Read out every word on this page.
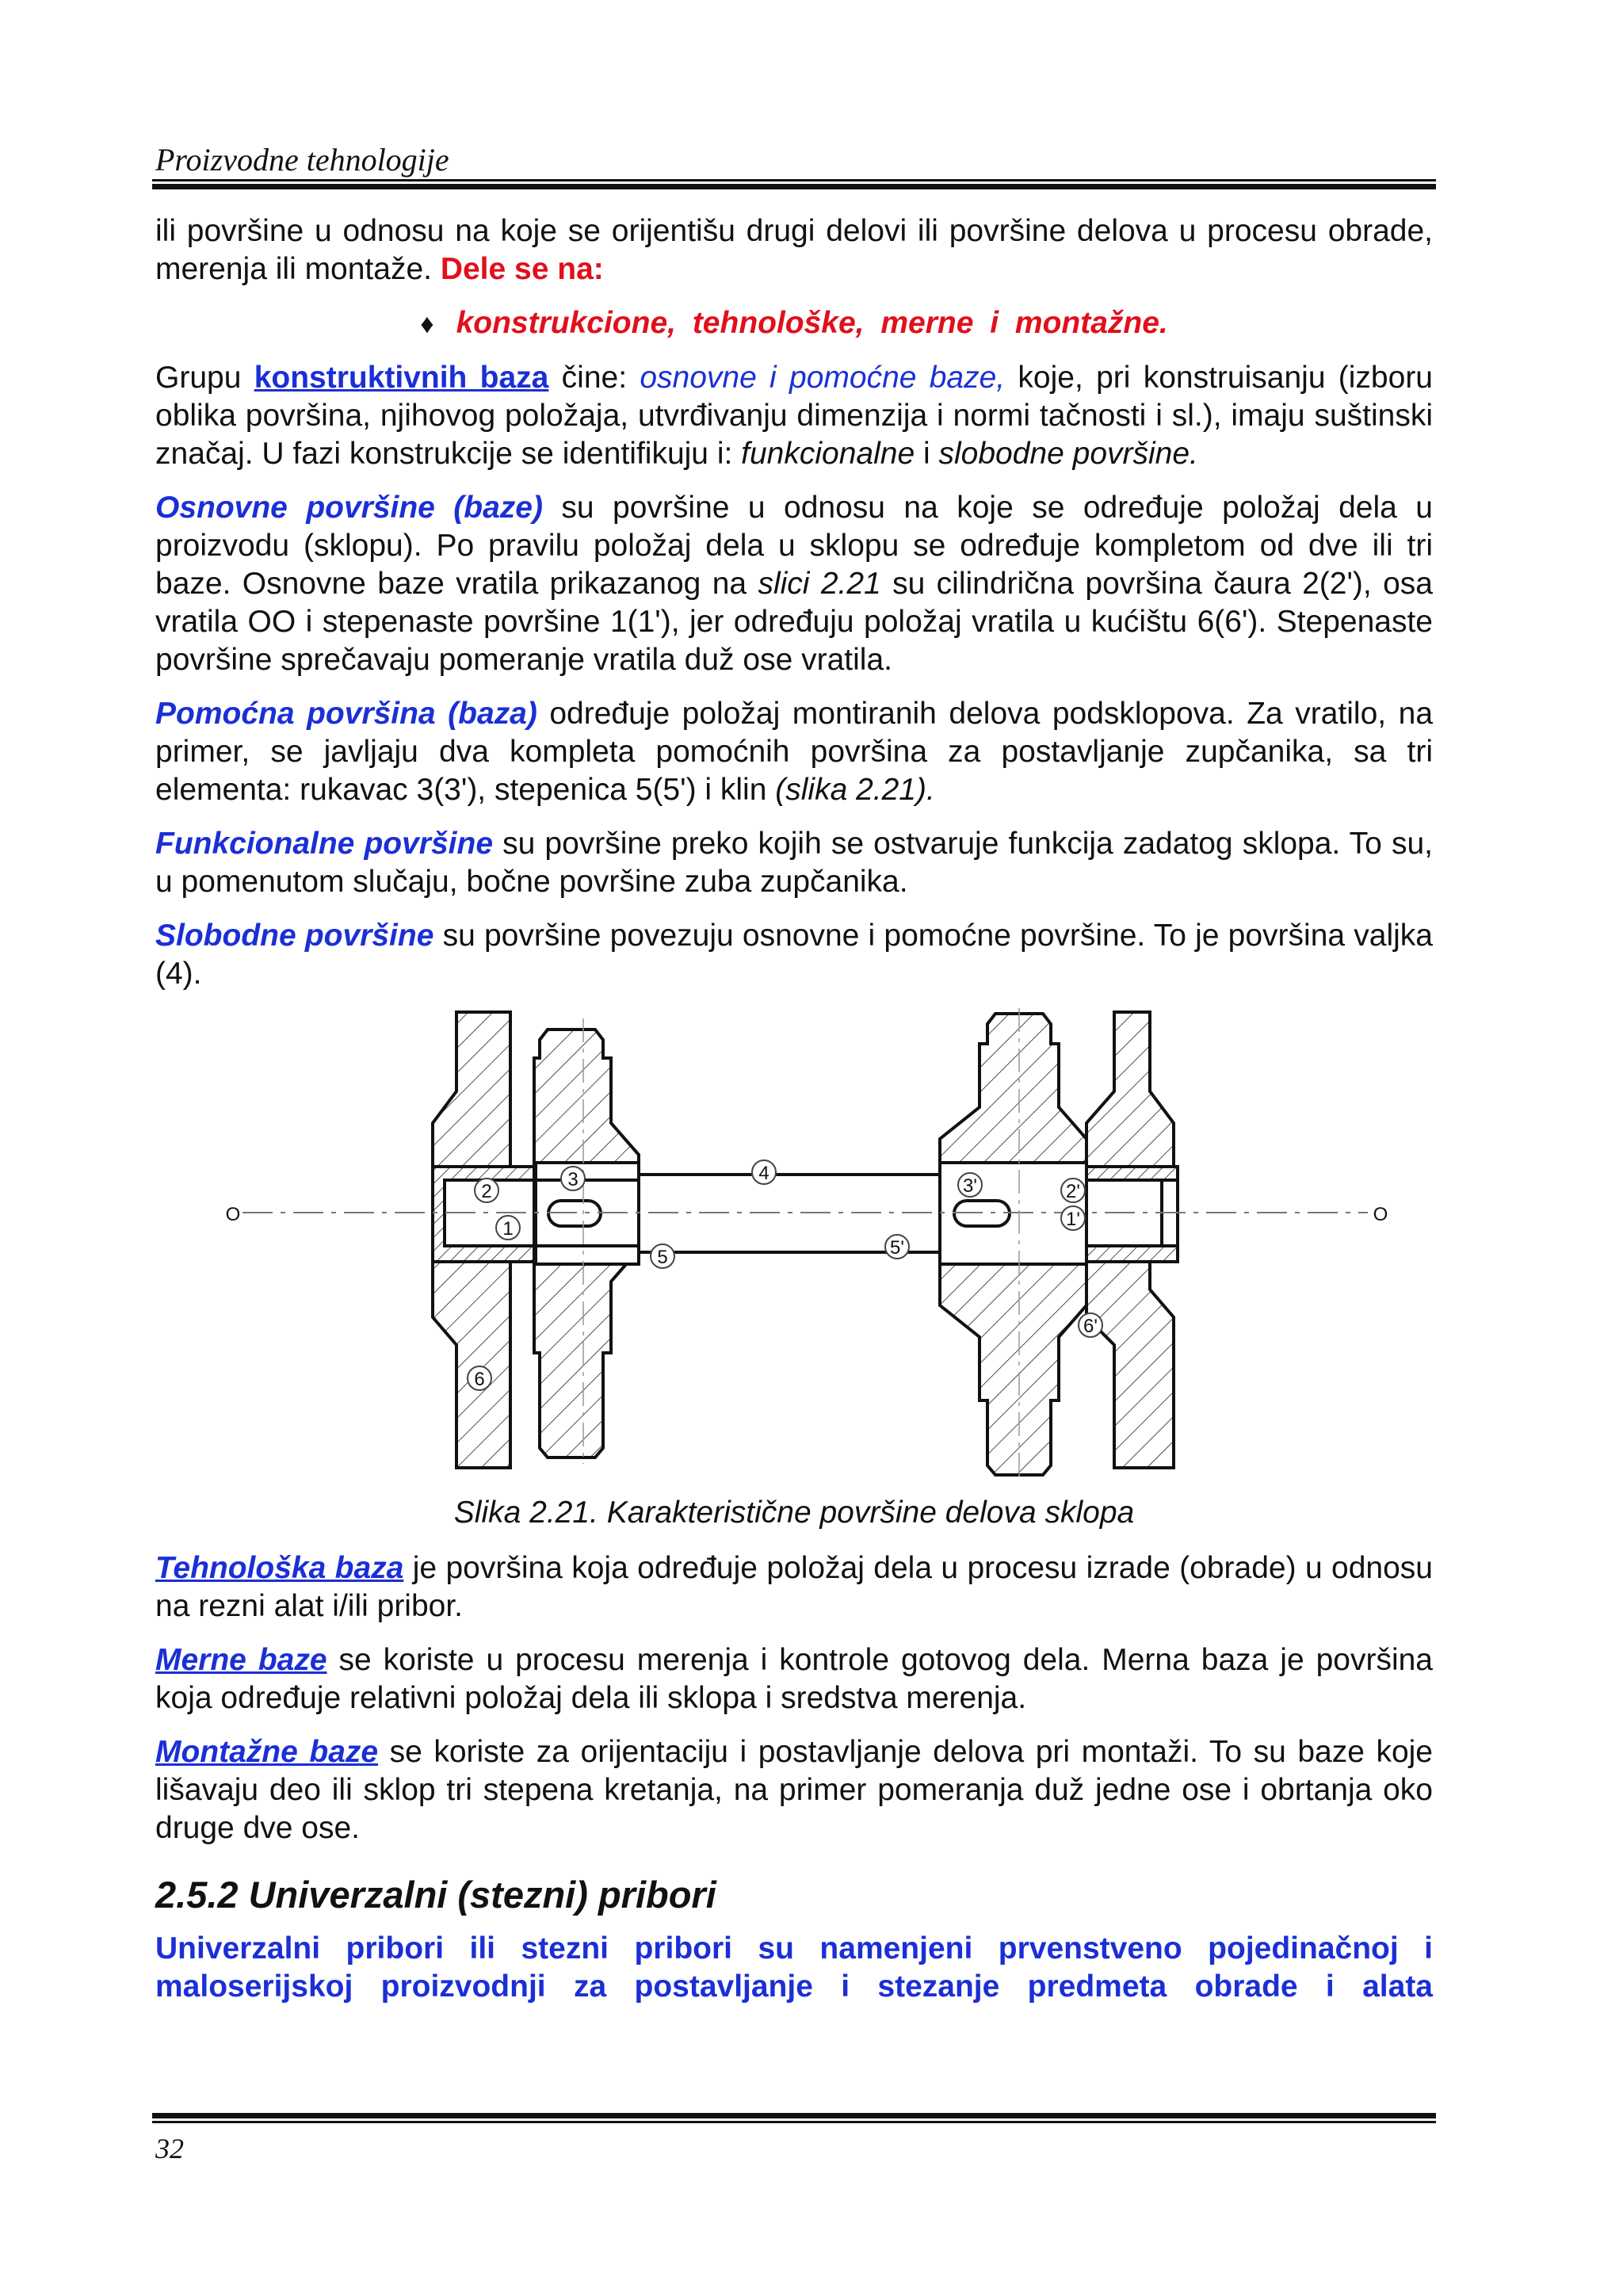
Proizvodne tehnologije

ili površine u odnosu na koje se orijentišu drugi delovi ili površine delova u procesu obrade, merenja ili montaže. Dele se na:

♦ konstrukcione, tehnološke, merne i montažne.

Grupu konstruktivnih baza čine: osnovne i pomoćne baze, koje, pri konstruisanju (izboru oblika površina, njihovog položaja, utvrđivanju dimenzija i normi tačnosti i sl.), imaju suštinski značaj. U fazi konstrukcije se identifikuju i: funkcionalne i slobodne površine.

Osnovne površine (baze) su površine u odnosu na koje se određuje položaj dela u proizvodu (sklopu). Po pravilu položaj dela u sklopu se određuje kompletom od dve ili tri baze. Osnovne baze vratila prikazanog na slici 2.21 su cilindrična površina čaura 2(2'), osa vratila OO i stepenaste površine 1(1'), jer određuju položaj vratila u kućištu 6(6'). Stepenaste površine sprečavaju pomeranje vratila duž ose vratila.

Pomoćna površina (baza) određuje položaj montiranih delova podsklopova. Za vratilo, na primer, se javljaju dva kompleta pomoćnih površina za postavljanje zupčanika, sa tri elementa: rukavac 3(3'), stepenica 5(5') i klin (slika 2.21).

Funkcionalne površine su površine preko kojih se ostvaruje funkcija zadatog sklopa. To su, u pomenutom slučaju, bočne površine zuba zupčanika.

Slobodne površine su površine povezuju osnovne i pomoćne površine. To je površina valjka (4).

O	O
2
1
3	4
5
6
3'
5'
2'
1'
6'
Slika 2.21. Karakteristične površine delova sklopa

Tehnološka baza je površina koja određuje položaj dela u procesu izrade (obrade) u odnosu na rezni alat i/ili pribor.

Merne baze se koriste u procesu merenja i kontrole gotovog dela. Merna baza je površina koja određuje relativni položaj dela ili sklopa i sredstva merenja.

Montažne baze se koriste za orijentaciju i postavljanje delova pri montaži. To su baze koje lišavaju deo ili sklop tri stepena kretanja, na primer pomeranja duž jedne ose i obrtanja oko druge dve ose.

2.5.2 Univerzalni (stezni) pribori

Univerzalni pribori ili stezni pribori su namenjeni prvenstveno pojedinačnoj i maloserijskoj proizvodnji za postavljanje i stezanje predmeta obrade i alata

32
